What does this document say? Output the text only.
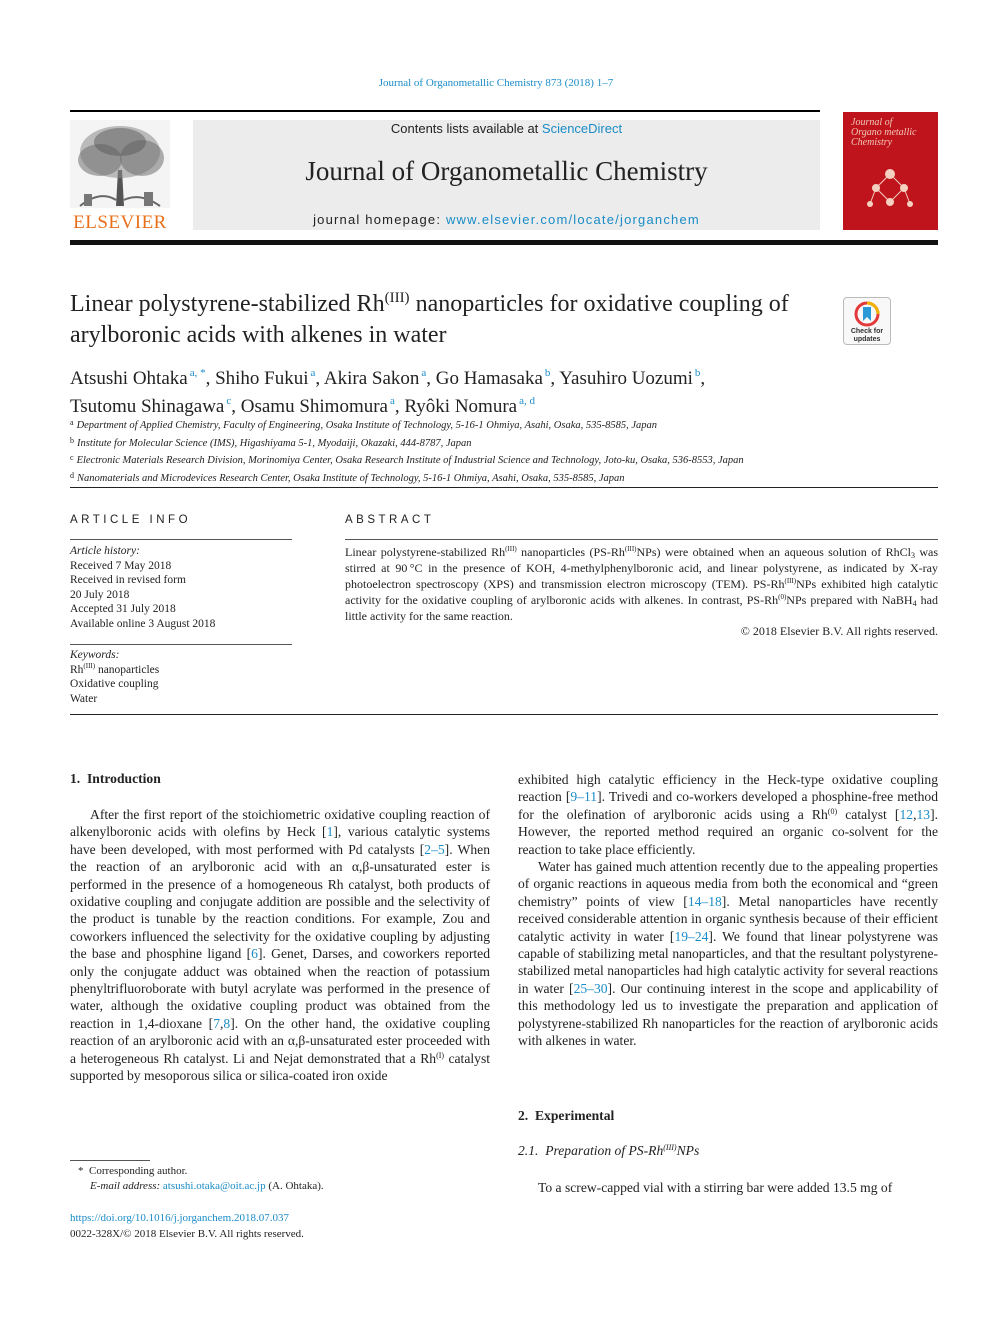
Journal of Organometallic Chemistry 873 (2018) 1–7
ELSEVIER
Contents lists available at ScienceDirect
Journal of Organometallic Chemistry
journal homepage: www.elsevier.com/locate/jorganchem
Journal of Organo metallic Chemistry
Linear polystyrene-stabilized $Rh^{(III)}$ nanoparticles for oxidative coupling of arylboronic acids with alkenes in water	Check for updates
Atsushi Ohtaka $^{a, *}$, Shiho Fukui $^a$, Akira Sakon $^a$, Go Hamasaka $^b$, Yasuhiro Uozumi $^b$,
Tsutomu Shinagawa $^c$, Osamu Shimomura $^a$, Ryôki Nomura $^{a, d}$
$^a$ Department of Applied Chemistry, Faculty of Engineering, Osaka Institute of Technology, 5-16-1 Ohmiya, Asahi, Osaka, 535-8585, Japan
$^b$ Institute for Molecular Science (IMS), Higashiyama 5-1, Myodaiji, Okazaki, 444-8787, Japan
$^c$ Electronic Materials Research Division, Morinomiya Center, Osaka Research Institute of Industrial Science and Technology, Joto-ku, Osaka, 536-8553, Japan
$^d$ Nanomaterials and Microdevices Research Center, Osaka Institute of Technology, 5-16-1 Ohmiya, Asahi, Osaka, 535-8585, Japan
ARTICLE INFO
Article history:
Received 7 May 2018
Received in revised form
20 July 2018
Accepted 31 July 2018
Available online 3 August 2018
Keywords:
$Rh^{(III)}$ nanoparticles
Oxidative coupling
Water
ABSTRACT
Linear polystyrene-stabilized $Rh^{(III)}$ nanoparticles $(PS-Rh^{(III)}NPs)$ were obtained when an aqueous solution of RhCl$_3$ was stirred at 90 °C in the presence of KOH, 4-methylphenylboronic acid, and linear polystyrene, as indicated by X-ray photoelectron spectroscopy (XPS) and transmission electron microscopy (TEM). $PS-Rh^{(III)}NPs$ exhibited high catalytic activity for the oxidative coupling of arylboronic acids with alkenes. In contrast, PS-Rh$^{(0)}$NPs prepared with NaBH$_4$ had little activity for the same reaction.
© 2018 Elsevier B.V. All rights reserved.
1.  Introduction

After the first report of the stoichiometric oxidative coupling reaction of alkenylboronic acids with olefins by Heck [1], various catalytic systems have been developed, with most performed with Pd catalysts [2–5]. When the reaction of an arylboronic acid with an α,β-unsaturated ester is performed in the presence of a homogeneous Rh catalyst, both products of oxidative coupling and conjugate addition are possible and the selectivity of the product is tunable by the reaction conditions. For example, Zou and coworkers influenced the selectivity for the oxidative coupling by adjusting the base and phosphine ligand [6]. Genet, Darses, and coworkers reported only the conjugate adduct was obtained when the reaction of potassium phenyltrifluoroborate with butyl acrylate was performed in the presence of water, although the oxidative coupling product was obtained from the reaction in 1,4-dioxane [7,8]. On the other hand, the oxidative coupling reaction of an arylboronic acid with an α,β-unsaturated ester proceeded with a heterogeneous Rh catalyst. Li and Nejat demonstrated that a $Rh^{(I)}$ catalyst supported by mesoporous silica or silica-coated iron oxide

exhibited high catalytic efficiency in the Heck-type oxidative coupling reaction [9–11]. Trivedi and co-workers developed a phosphine-free method for the olefination of arylboronic acids using a Rh$^{(0)}$ catalyst [12,13]. However, the reported method required an organic co-solvent for the reaction to take place efficiently.

Water has gained much attention recently due to the appealing properties of organic reactions in aqueous media from both the economical and “green chemistry” points of view [14–18]. Metal nanoparticles have recently received considerable attention in organic synthesis because of their efficient catalytic activity in water [19–24]. We found that linear polystyrene was capable of stabilizing metal nanoparticles, and that the resultant polystyrene-stabilized metal nanoparticles had high catalytic activity for several reactions in water [25–30]. Our continuing interest in the scope and applicability of this methodology led us to investigate the preparation and application of polystyrene-stabilized Rh nanoparticles for the reaction of arylboronic acids with alkenes in water.

2.  Experimental
2.1.  Preparation of $PS-Rh^{(III)}NPs$

To a screw-capped vial with a stirring bar were added 13.5 mg of

* Corresponding author.
E-mail address: atsushi.otaka@oit.ac.jp (A. Ohtaka).
https://doi.org/10.1016/j.jorganchem.2018.07.037
0022-328X/© 2018 Elsevier B.V. All rights reserved.
